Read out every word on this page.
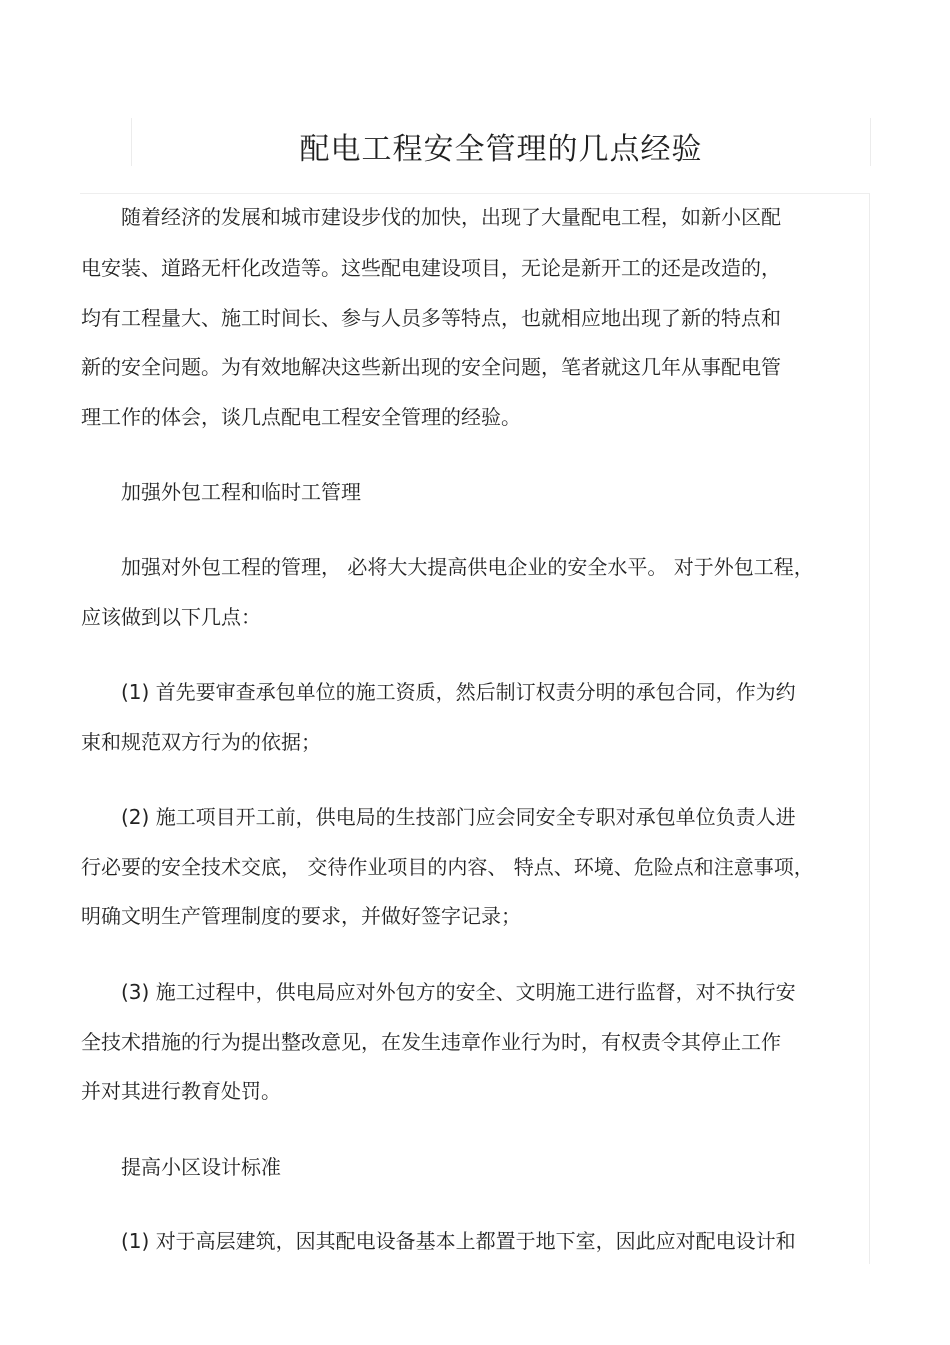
配电工程安全管理的几点经验
随着经济的发展和城市建设步伐的加快，出现了大量配电工程，如新小区配
电安装、道路无杆化改造等。这些配电建设项目，无论是新开工的还是改造的，
均有工程量大、施工时间长、参与人员多等特点，也就相应地出现了新的特点和
新的安全问题。为有效地解决这些新出现的安全问题，笔者就这几年从事配电管
理工作的体会，谈几点配电工程安全管理的经验。
加强外包工程和临时工管理
加强对外包工程的管理， 必将大大提高供电企业的安全水平。 对于外包工程，
应该做到以下几点：
(1) 首先要审查承包单位的施工资质，然后制订权责分明的承包合同，作为约
束和规范双方行为的依据；
(2) 施工项目开工前，供电局的生技部门应会同安全专职对承包单位负责人进
行必要的安全技术交底， 交待作业项目的内容、 特点、环境、危险点和注意事项，
明确文明生产管理制度的要求，并做好签字记录；
(3) 施工过程中，供电局应对外包方的安全、文明施工进行监督，对不执行安
全技术措施的行为提出整改意见，在发生违章作业行为时，有权责令其停止工作
并对其进行教育处罚。
提高小区设计标准
(1) 对于高层建筑，因其配电设备基本上都置于地下室，因此应对配电设计和
